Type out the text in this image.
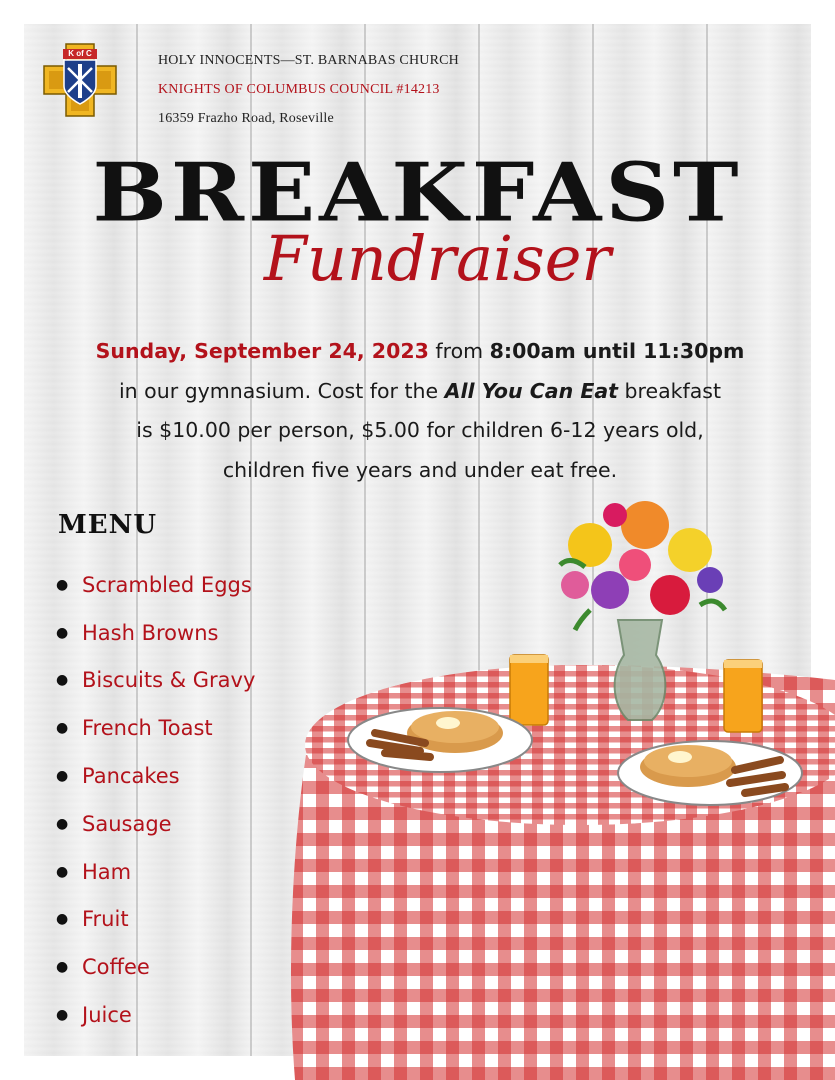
K of C	HOLY INNOCENTS—ST. BARNABAS CHURCH
KNIGHTS OF COLUMBUS COUNCIL #14213
16359 Frazho Road, Roseville
BREAKFAST
Fundraiser
Sunday, September 24, 2023 from 8:00am until 11:30pm
in our gymnasium. Cost for the All You Can Eat breakfast
is $10.00 per person, $5.00 for children 6-12 years old,
children five years and under eat free.
MENU
● Scrambled Eggs
● Hash Browns
● Biscuits & Gravy
● French Toast
● Pancakes
● Sausage
● Ham
● Fruit
● Coffee
● Juice
